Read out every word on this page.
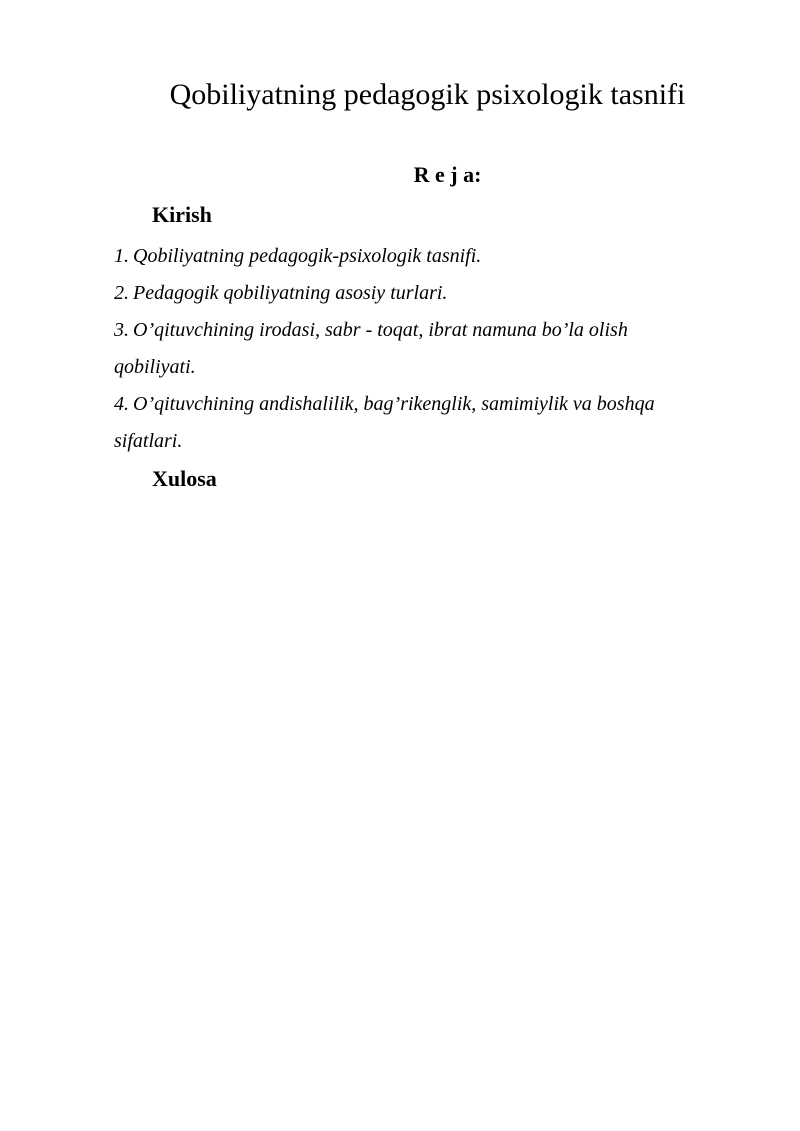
Qobiliyatning pedagogik psixologik tasnifi
R e j a:
Kirish
1. Qobiliyatning pedagogik-psixologik tasnifi.
2. Pedagogik qobiliyatning asosiy turlari.
3. O’qituvchining irodasi, sabr - toqat, ibrat namuna bo’la olish qobiliyati.
4. O’qituvchining andishalilik, bag’rikenglik, samimiylik va boshqa sifatlari.
Xulosa
